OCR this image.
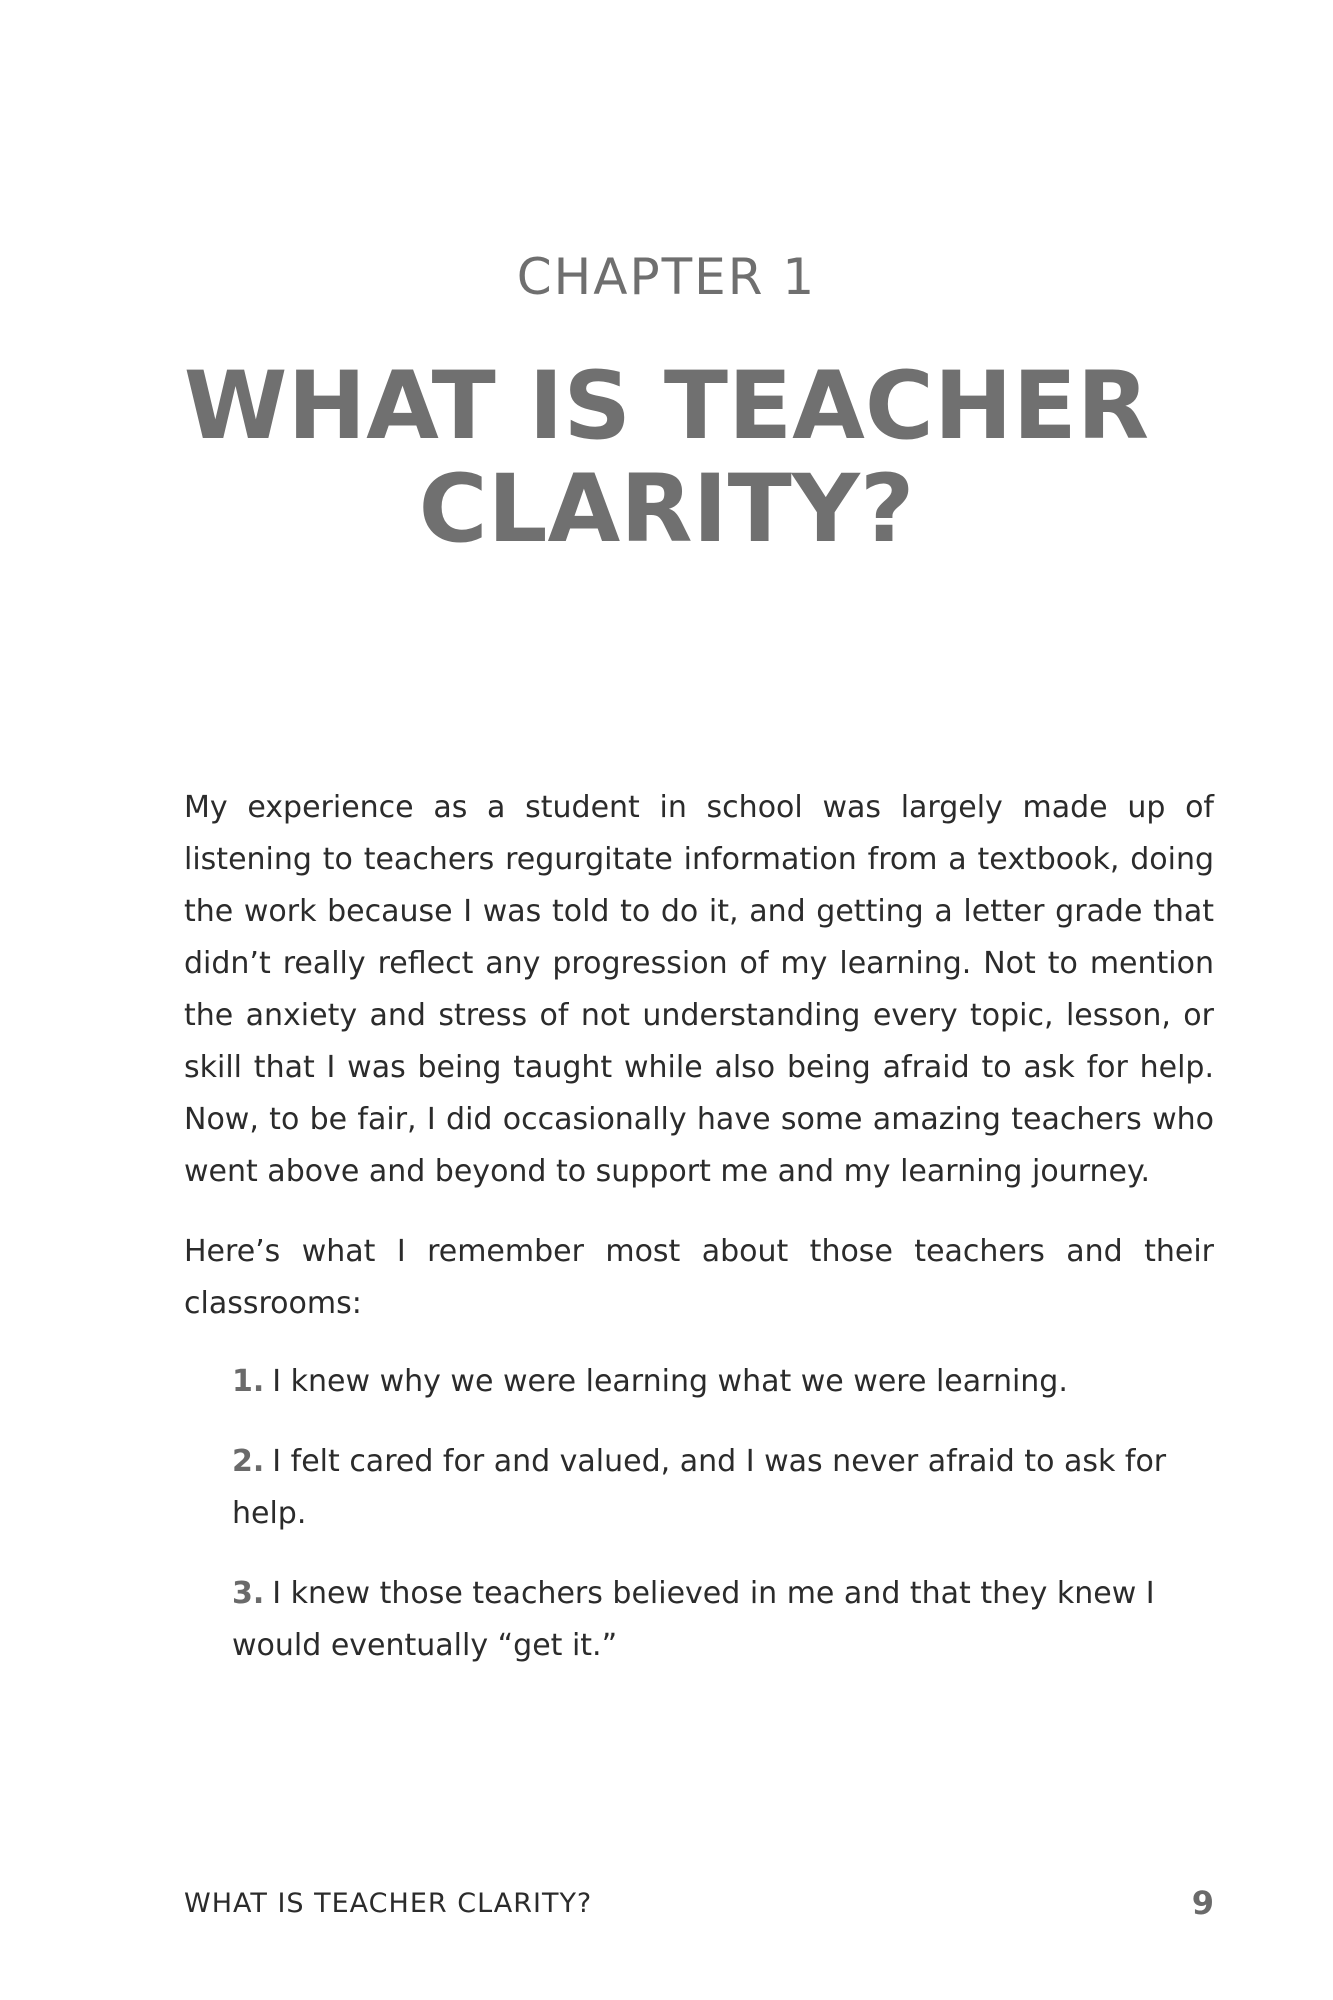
CHAPTER 1
WHAT IS TEACHER
CLARITY?

My experience as a student in school was largely made up of listening to teachers regurgitate information from a textbook, doing the work because I was told to do it, and getting a letter grade that didn’t really reflect any progression of my learning. Not to mention the anxiety and stress of not understanding every topic, lesson, or skill that I was being taught while also being afraid to ask for help. Now, to be fair, I did occasionally have some amazing teachers who went above and beyond to support me and my learning journey.

Here’s what I remember most about those teachers and their classrooms:

1. I knew why we were learning what we were learning.
2. I felt cared for and valued, and I was never afraid to ask for help.
3. I knew those teachers believed in me and that they knew I would eventually “get it.”
WHAT IS TEACHER CLARITY?	9
